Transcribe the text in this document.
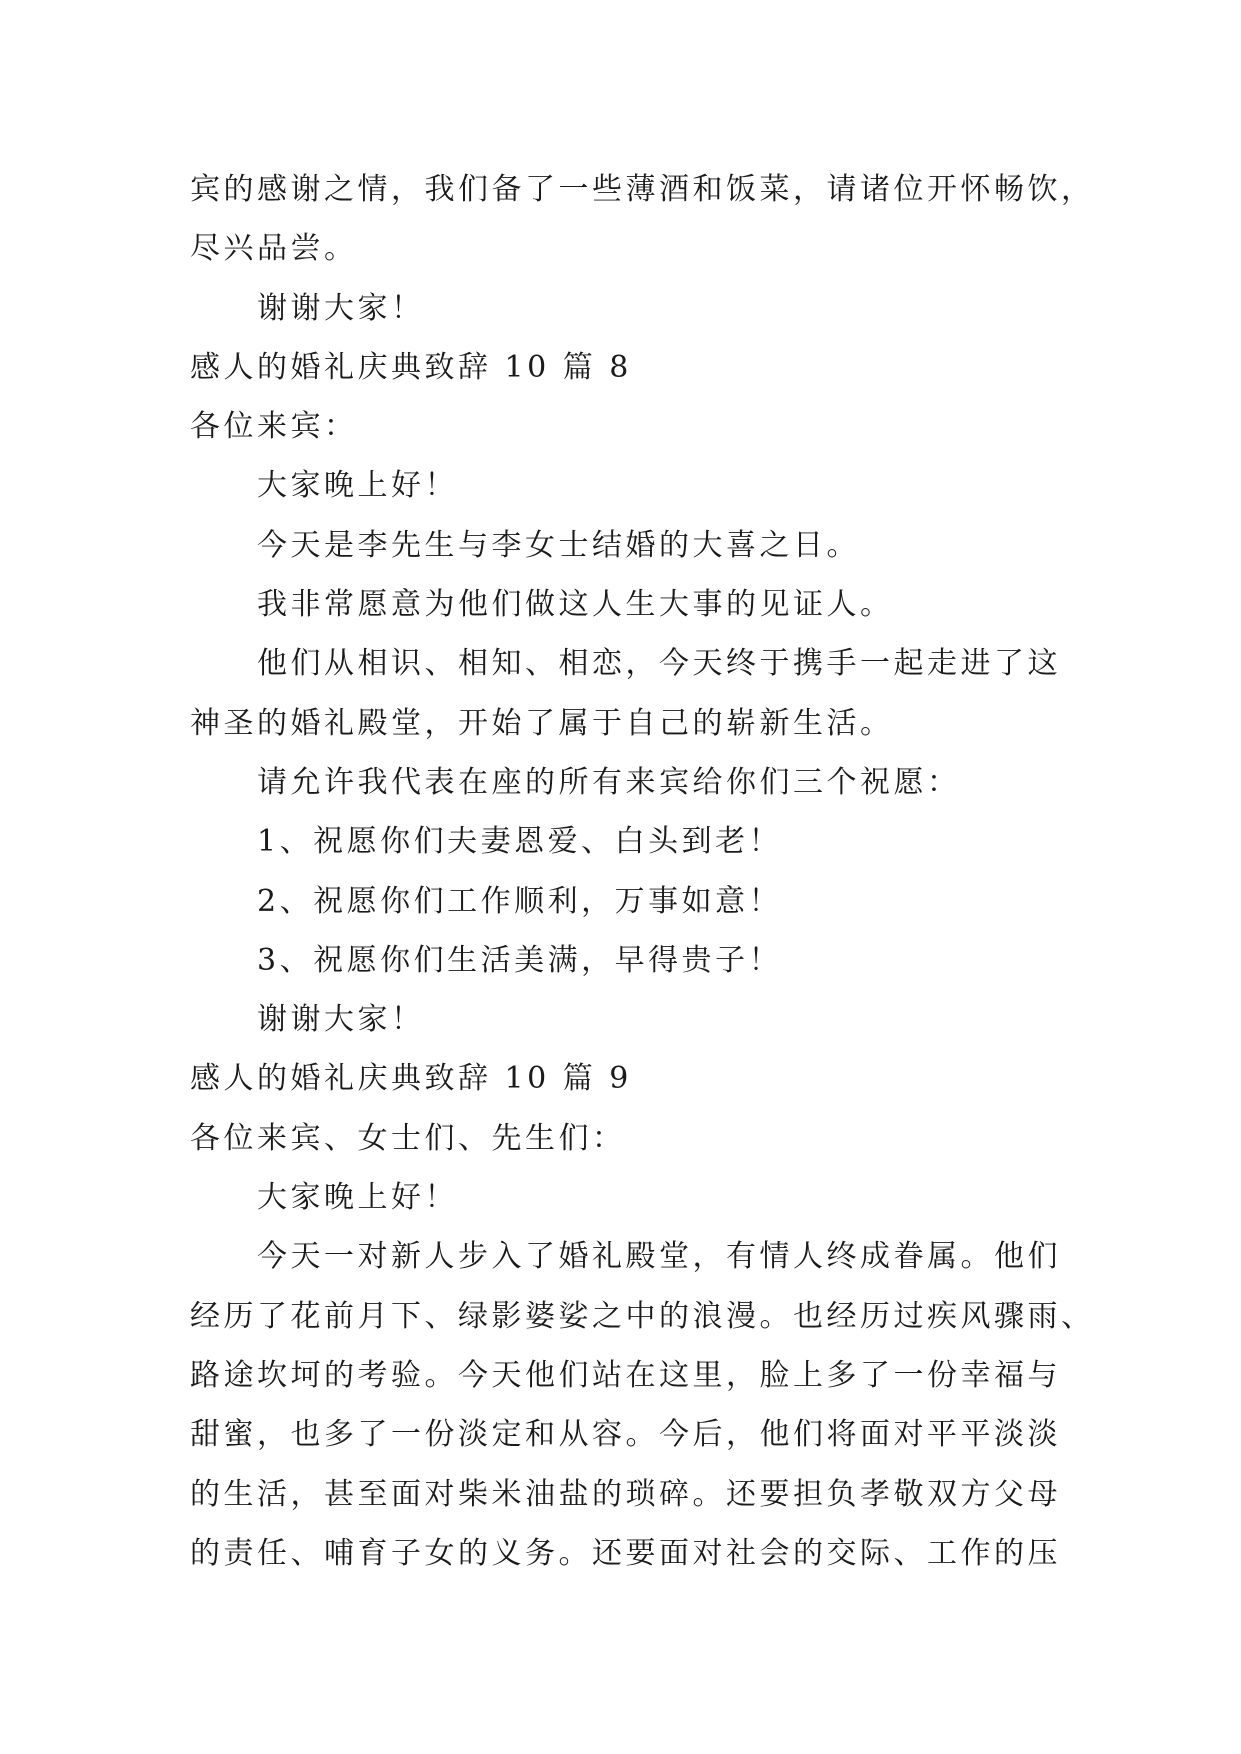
宾的感谢之情，我们备了一些薄酒和饭菜，请诸位开怀畅饮，
尽兴品尝。
谢谢大家！
感人的婚礼庆典致辞 10 篇 8
各位来宾：
大家晚上好！
今天是李先生与李女士结婚的大喜之日。
我非常愿意为他们做这人生大事的见证人。
他们从相识、相知、相恋，今天终于携手一起走进了这
神圣的婚礼殿堂，开始了属于自己的崭新生活。
请允许我代表在座的所有来宾给你们三个祝愿：
1、祝愿你们夫妻恩爱、白头到老！
2、祝愿你们工作顺利，万事如意！
3、祝愿你们生活美满，早得贵子！
谢谢大家！
感人的婚礼庆典致辞 10 篇 9
各位来宾、女士们、先生们：
大家晚上好！
今天一对新人步入了婚礼殿堂，有情人终成眷属。他们
经历了花前月下、绿影婆娑之中的浪漫。也经历过疾风骤雨、
路途坎坷的考验。今天他们站在这里，脸上多了一份幸福与
甜蜜，也多了一份淡定和从容。今后，他们将面对平平淡淡
的生活，甚至面对柴米油盐的琐碎。还要担负孝敬双方父母
的责任、哺育子女的义务。还要面对社会的交际、工作的压
